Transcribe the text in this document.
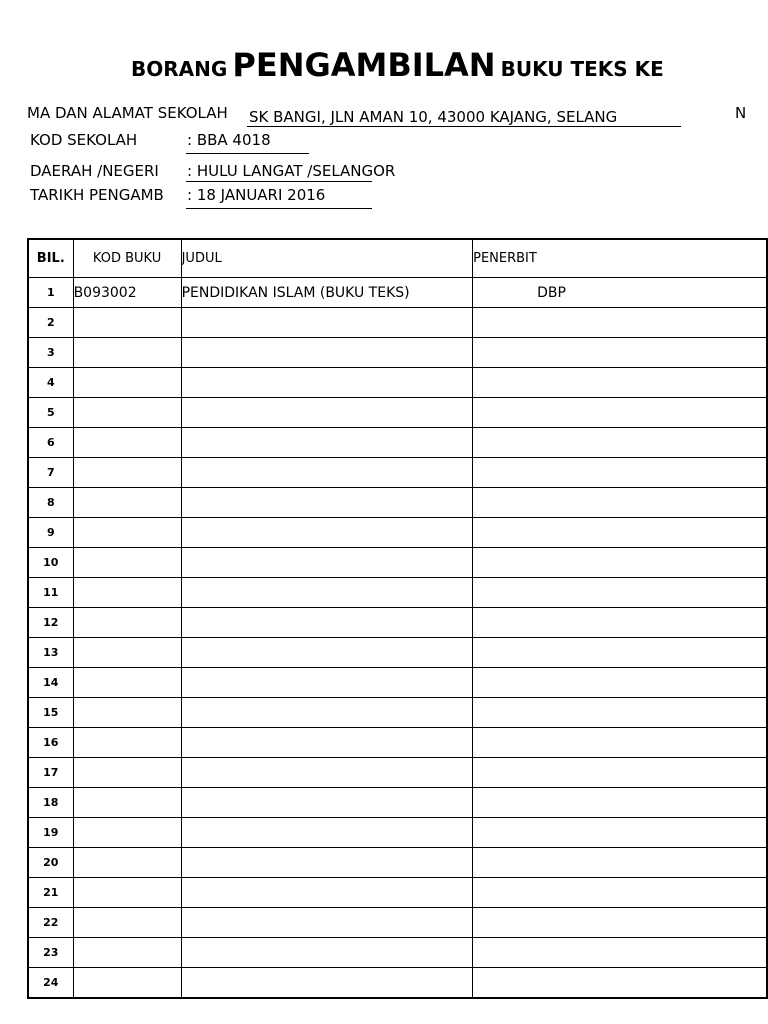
BORANG PENGAMBILAN BUKU TEKS KE
MA DAN ALAMAT SEKOLAH SK BANGI, JLN AMAN 10, 43000 KAJANG, SELANG	N
KOD SEKOLAH	: BBA 4018
DAERAH /NEGERI : HULU LANGAT /SELANGOR
TARIKH PENGAMB : 18 JANUARI 2016
BIL.	KOD BUKU	JUDUL	PENERBIT
1	B093002	PENDIDIKAN ISLAM (BUKU TEKS)	DBP
2			
3			
4			
5			
6			
7			
8			
9			
10			
11			
12			
13			
14			
15			
16			
17			
18			
19			
20			
21			
22			
23			
24			
